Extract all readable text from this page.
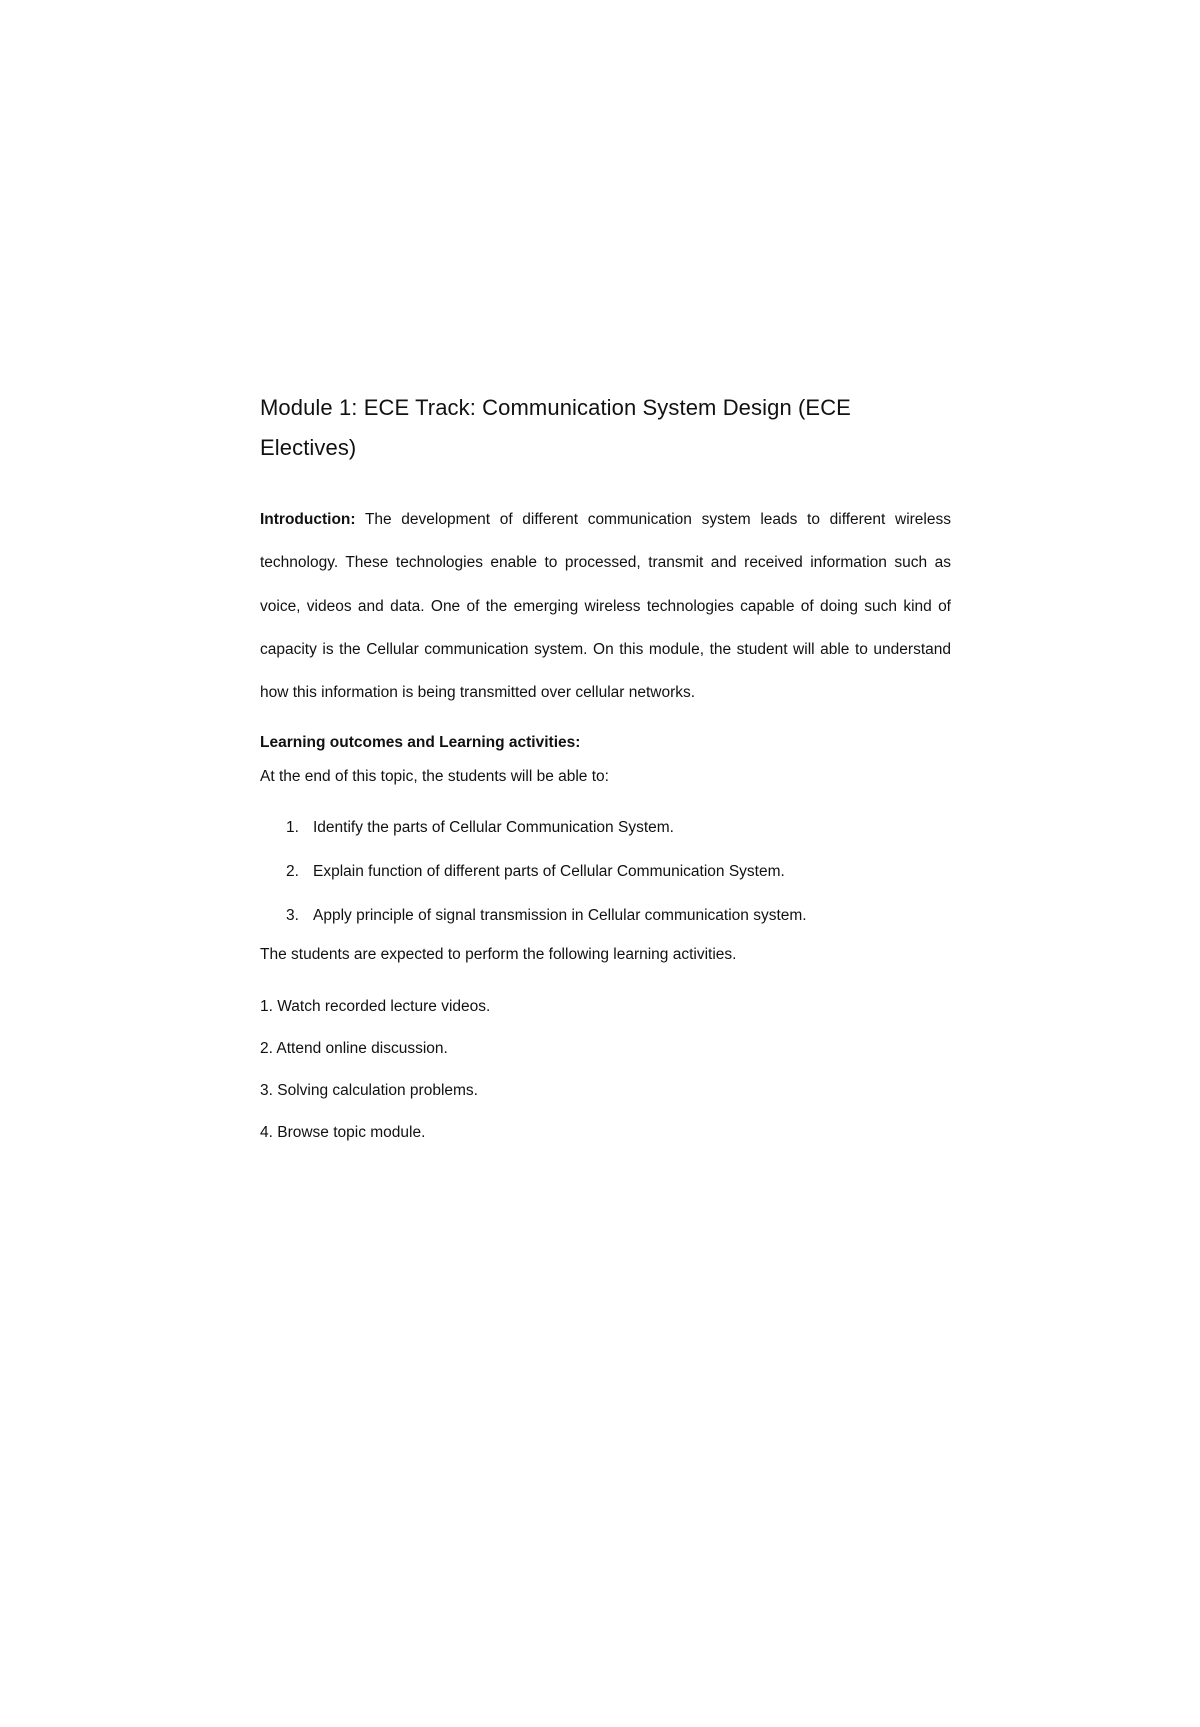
Module 1: ECE Track: Communication System Design (ECE Electives)

Introduction: The development of different communication system leads to different wireless technology. These technologies enable to processed, transmit and received information such as voice, videos and data. One of the emerging wireless technologies capable of doing such kind of capacity is the Cellular communication system. On this module, the student will able to understand how this information is being transmitted over cellular networks.

Learning outcomes and Learning activities:

At the end of this topic, the students will be able to:

1. Identify the parts of Cellular Communication System.
2. Explain function of different parts of Cellular Communication System.
3. Apply principle of signal transmission in Cellular communication system.

The students are expected to perform the following learning activities.

1. Watch recorded lecture videos.
2. Attend online discussion.
3. Solving calculation problems.
4. Browse topic module.
